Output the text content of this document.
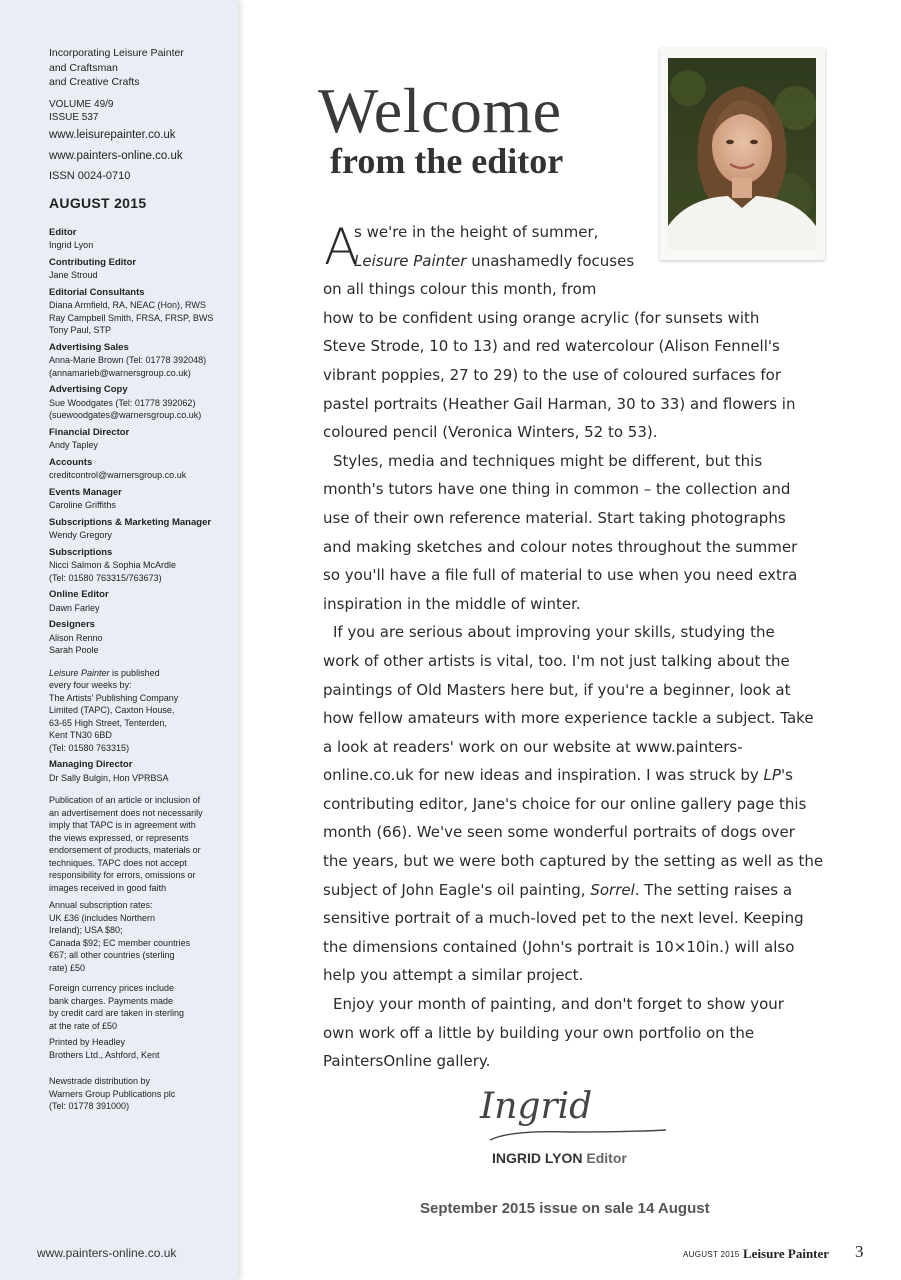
Incorporating Leisure Painter
and Craftsman
and Creative Crafts
VOLUME 49/9
ISSUE 537
www.leisurepainter.co.uk
www.painters-online.co.uk
ISSN 0024-0710
AUGUST 2015
Editor
Ingrid Lyon
Contributing Editor
Jane Stroud
Editorial Consultants
Diana Armfield, RA, NEAC (Hon), RWS
Ray Campbell Smith, FRSA, FRSP, BWS
Tony Paul, STP
Advertising Sales
Anna-Marie Brown (Tel: 01778 392048)
(annamarieb@warnersgroup.co.uk)
Advertising Copy
Sue Woodgates (Tel: 01778 392062)
(suewoodgates@warnersgroup.co.uk)
Financial Director
Andy Tapley
Accounts
creditcontrol@warnersgroup.co.uk
Events Manager
Caroline Griffiths
Subscriptions & Marketing Manager
Wendy Gregory
Subscriptions
Nicci Salmon & Sophia McArdle
(Tel: 01580 763315/763673)
Online Editor
Dawn Farley
Designers
Alison Renno
Sarah Poole
Leisure Painter is published
every four weeks by:
The Artists' Publishing Company
Limited (TAPC), Caxton House,
63-65 High Street, Tenterden,
Kent TN30 6BD
(Tel: 01580 763315)
Managing Director
Dr Sally Bulgin, Hon VPRBSA
Publication of an article or inclusion of
an advertisement does not necessarily
imply that TAPC is in agreement with
the views expressed, or represents
endorsement of products, materials or
techniques. TAPC does not accept
responsibility for errors, omissions or
images received in good faith
Annual subscription rates:
UK £36 (includes Northern
Ireland); USA $80;
Canada $92; EC member countries
€67; all other countries (sterling
rate) £50
Foreign currency prices include
bank charges. Payments made
by credit card are taken in sterling
at the rate of £50
Printed by Headley
Brothers Ltd., Ashford, Kent
Newstrade distribution by
Warners Group Publications plc
(Tel: 01778 391000)
www.painters-online.co.uk
Welcome
from the editor
A

s we're in the height of summer,

Leisure Painter unashamedly focuses

on all things colour this month, from

how to be confident using orange acrylic (for sunsets with

Steve Strode, 10 to 13) and red watercolour (Alison Fennell's

vibrant poppies, 27 to 29) to the use of coloured surfaces for

pastel portraits (Heather Gail Harman, 30 to 33) and flowers in

coloured pencil (Veronica Winters, 52 to 53).

Styles, media and techniques might be different, but this

month's tutors have one thing in common – the collection and

use of their own reference material. Start taking photographs

and making sketches and colour notes throughout the summer

so you'll have a file full of material to use when you need extra

inspiration in the middle of winter.

If you are serious about improving your skills, studying the

work of other artists is vital, too. I'm not just talking about the

paintings of Old Masters here but, if you're a beginner, look at

how fellow amateurs with more experience tackle a subject. Take

a look at readers' work on our website at www.painters-

online.co.uk for new ideas and inspiration. I was struck by LP's

contributing editor, Jane's choice for our online gallery page this

month (66). We've seen some wonderful portraits of dogs over

the years, but we were both captured by the setting as well as the

subject of John Eagle's oil painting, Sorrel. The setting raises a

sensitive portrait of a much-loved pet to the next level. Keeping

the dimensions contained (John's portrait is 10×10in.) will also

help you attempt a similar project.

Enjoy your month of painting, and don't forget to show your

own work off a little by building your own portfolio on the

PaintersOnline gallery.

Ingrid
INGRID LYON Editor
September 2015 issue on sale 14 August
AUGUST 2015 Leisure Painter 3
